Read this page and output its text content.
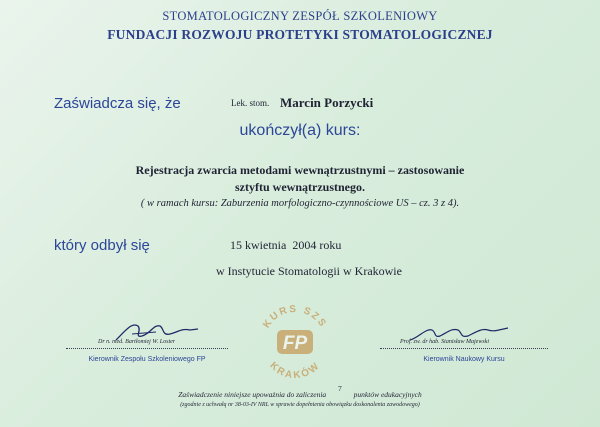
STOMATOLOGICZNY ZESPÓŁ SZKOLENIOWY
FUNDACJI ROZWOJU PROTETYKI STOMATOLOGICZNEJ
Zaświadcza się, że	Lek. stom. Marcin Porzycki
ukończył(a) kurs:
Rejestracja zwarcia metodami wewnątrzustnymi – zastosowanie
sztyftu wewnątrzustnego.
( w ramach kursu: Zaburzenia morfologiczno-czynnościowe US – cz. 3 z 4).
który odbył się	15 kwietnia  2004 roku
w Instytucie Stomatologii w Krakowie
Dr n. med. Bartłomiej W. Loster
Kierownik Zespołu Szkoleniowego FP
KURS SZS
KRAKÓW
FP	Prof. zw. dr hab. Stanisław Majewski
Kierownik Naukowy Kursu
Zaświadczenie niniejsze upoważnia do zaliczenia 7 punktów edukacyjnych
(zgodnie z uchwałą nr 38-03-IV NRL w sprawie dopełnienia obowiązku doskonalenia zawodowego)
